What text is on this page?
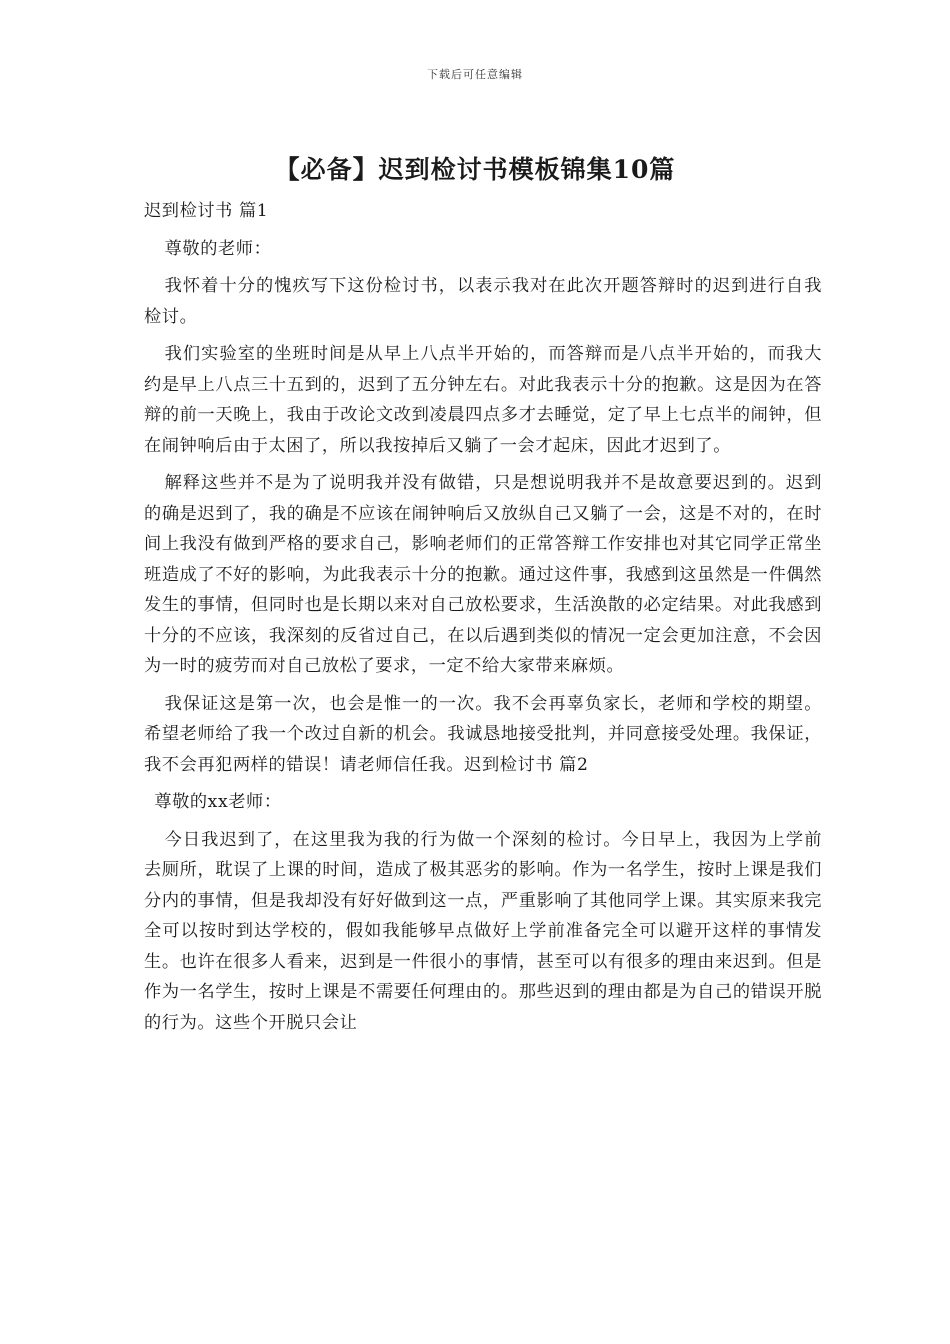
下载后可任意编辑
【必备】迟到检讨书模板锦集10篇

迟到检讨书 篇1

尊敬的老师：

我怀着十分的愧疚写下这份检讨书，以表示我对在此次开题答辩时的迟到进行自我检讨。

我们实验室的坐班时间是从早上八点半开始的，而答辩而是八点半开始的，而我大约是早上八点三十五到的，迟到了五分钟左右。对此我表示十分的抱歉。这是因为在答辩的前一天晚上，我由于改论文改到凌晨四点多才去睡觉，定了早上七点半的闹钟，但在闹钟响后由于太困了，所以我按掉后又躺了一会才起床，因此才迟到了。

解释这些并不是为了说明我并没有做错，只是想说明我并不是故意要迟到的。迟到的确是迟到了，我的确是不应该在闹钟响后又放纵自己又躺了一会，这是不对的，在时间上我没有做到严格的要求自己，影响老师们的正常答辩工作安排也对其它同学正常坐班造成了不好的影响，为此我表示十分的抱歉。通过这件事，我感到这虽然是一件偶然发生的事情，但同时也是长期以来对自己放松要求，生活涣散的必定结果。对此我感到十分的不应该，我深刻的反省过自己，在以后遇到类似的情况一定会更加注意，不会因为一时的疲劳而对自己放松了要求，一定不给大家带来麻烦。

我保证这是第一次，也会是惟一的一次。我不会再辜负家长，老师和学校的期望。希望老师给了我一个改过自新的机会。我诚恳地接受批判，并同意接受处理。我保证，我不会再犯两样的错误！请老师信任我。迟到检讨书 篇2

尊敬的xx老师：

今日我迟到了，在这里我为我的行为做一个深刻的检讨。今日早上，我因为上学前去厕所，耽误了上课的时间，造成了极其恶劣的影响。作为一名学生，按时上课是我们分内的事情，但是我却没有好好做到这一点，严重影响了其他同学上课。其实原来我完全可以按时到达学校的，假如我能够早点做好上学前准备完全可以避开这样的事情发生。也许在很多人看来，迟到是一件很小的事情，甚至可以有很多的理由来迟到。但是作为一名学生，按时上课是不需要任何理由的。那些迟到的理由都是为自己的错误开脱的行为。这些个开脱只会让
